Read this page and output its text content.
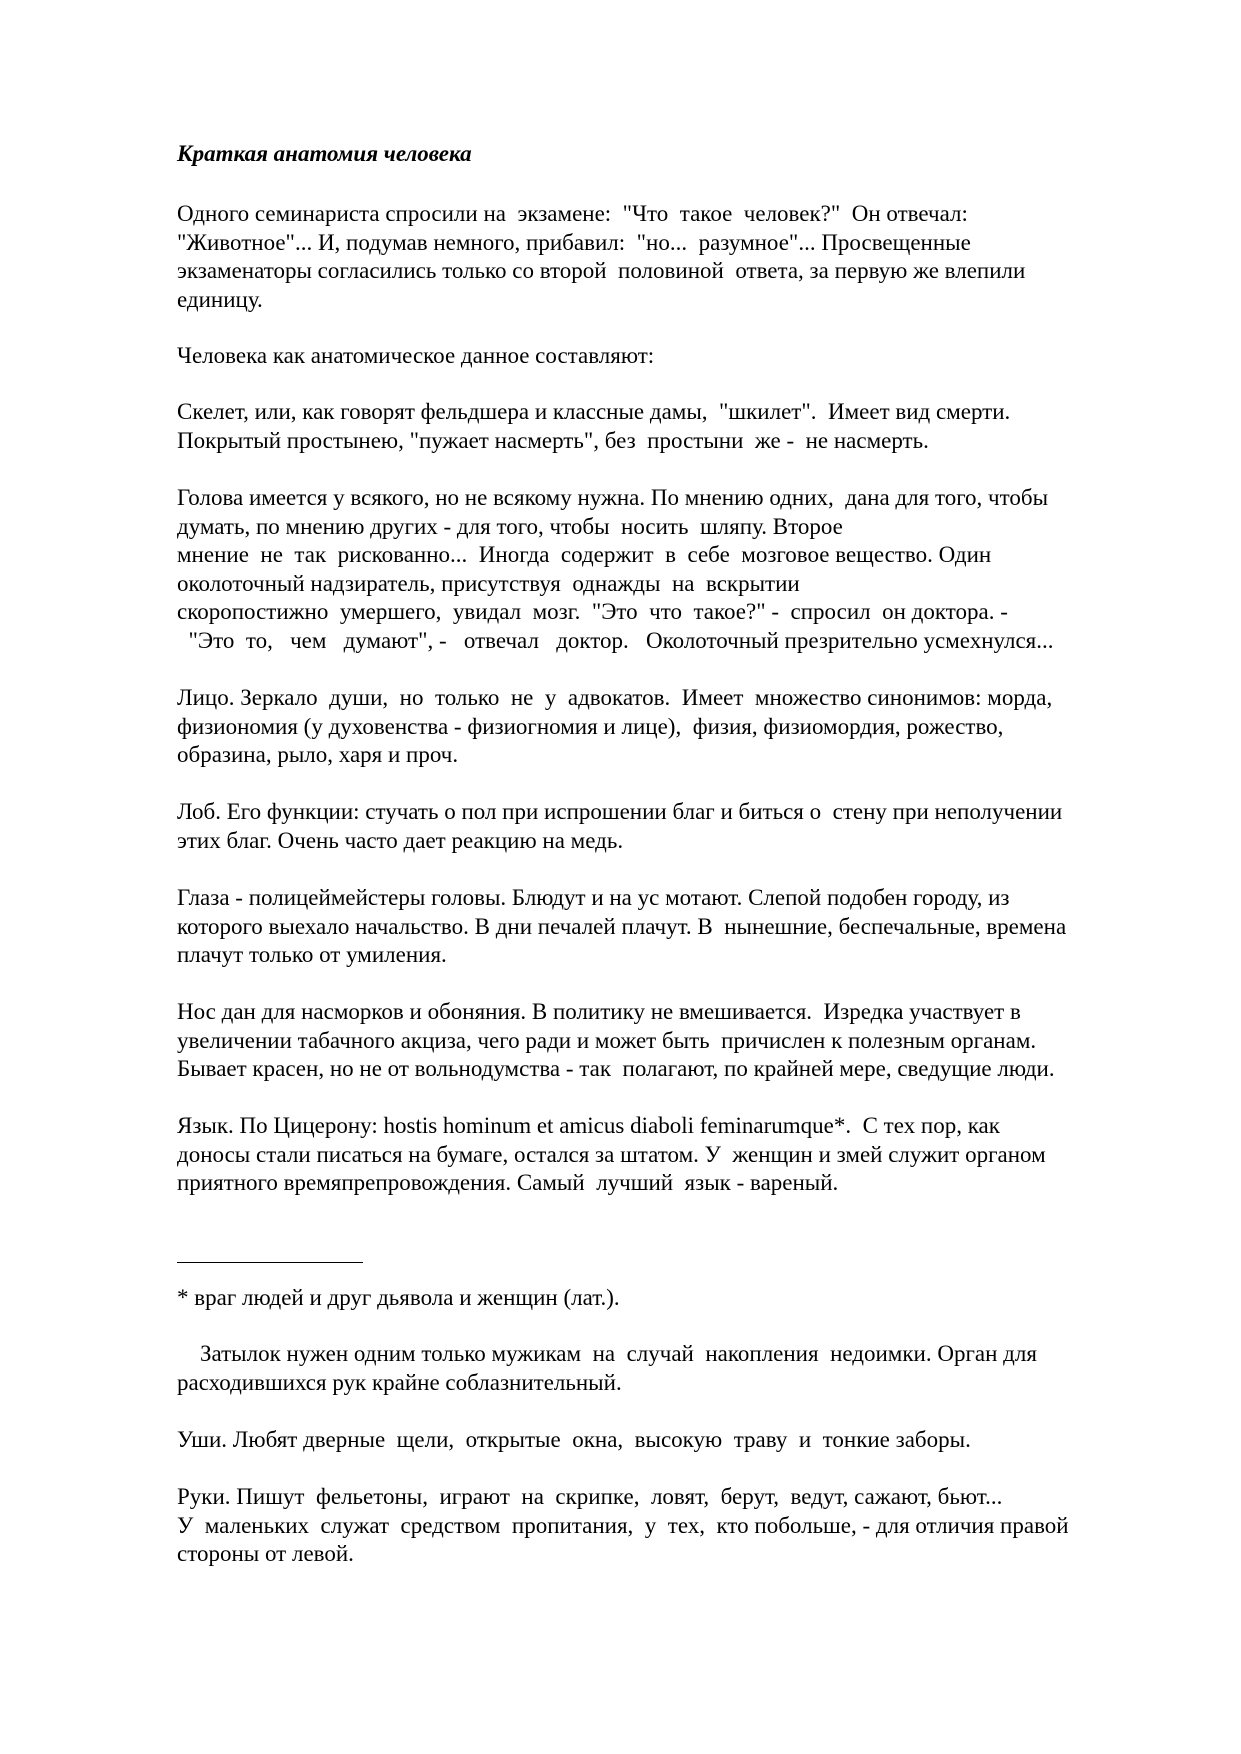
Краткая анатомия человека
Одного семинариста спросили на  экзамене:  "Что  такое  человек?"  Он отвечал:
"Животное"... И, подумав немного, прибавил:  "но...  разумное"... Просвещенные
экзаменаторы согласились только со второй  половиной  ответа, за первую же влепили
единицу.
Человека как анатомическое данное составляют:
Скелет, или, как говорят фельдшера и классные дамы,  "шкилет".  Имеет вид смерти.
Покрытый простынею, "пужает насмерть", без  простыни  же -  не насмерть.
Голова имеется у всякого, но не всякому нужна. По мнению одних,  дана для того, чтобы
думать, по мнению других - для того, чтобы  носить  шляпу. Второе
мнение  не  так  рискованно...  Иногда  содержит  в  себе  мозговое вещество. Один
околоточный надзиратель, присутствуя  однажды  на  вскрытии
скоропостижно  умершего,  увидал  мозг.  "Это  что  такое?" -  спросил  он доктора. -
"Это  то,   чем   думают", -   отвечал   доктор.   Околоточный презрительно усмехнулся...
Лицо. Зеркало  души,  но  только  не  у  адвокатов.  Имеет  множество синонимов: морда,
физиономия (у духовенства - физиогномия и лице),  физия, физиомордия, рожество,
образина, рыло, харя и проч.
Лоб. Его функции: стучать о пол при испрошении благ и биться о  стену при неполучении
этих благ. Очень часто дает реакцию на медь.
Глаза - полицеймейстеры головы. Блюдут и на ус мотают. Слепой подобен городу, из
которого выехало начальство. В дни печалей плачут. В  нынешние, беспечальные, времена
плачут только от умиления.
Нос дан для насморков и обоняния. В политику не вмешивается.  Изредка участвует в
увеличении табачного акциза, чего ради и может быть  причислен к полезным органам.
Бывает красен, но не от вольнодумства - так  полагают, по крайней мере, сведущие люди.
Язык. По Цицерону: hostis hominum et amicus diaboli feminarumque*.  С тех пор, как
доносы стали писаться на бумаге, остался за штатом. У  женщин и змей служит органом
приятного времяпрепровождения. Самый  лучший  язык - вареный.
* враг людей и друг дьявола и женщин (лат.).
Затылок нужен одним только мужикам  на  случай  накопления  недоимки. Орган для
расходившихся рук крайне соблазнительный.
Уши. Любят дверные  щели,  открытые  окна,  высокую  траву  и  тонкие заборы.
Руки. Пишут  фельетоны,  играют  на  скрипке,  ловят,  берут,  ведут, сажают, бьют...
У  маленьких  служат  средством  пропитания,  у  тех,  кто побольше, - для отличия правой
стороны от левой.
